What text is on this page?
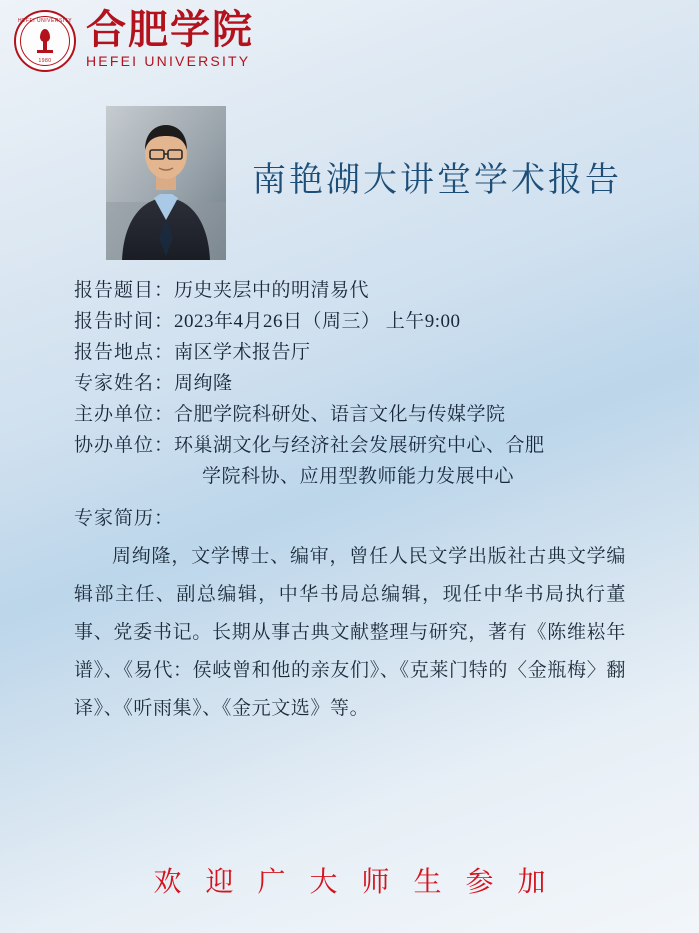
HEFEI UNIVERSITY
1980
合肥学院
HEFEI UNIVERSITY
南艳湖大讲堂学术报告
报告题目： 历史夹层中的明清易代
报告时间： 2023年4月26日（周三） 上午9:00
报告地点： 南区学术报告厅
专家姓名： 周绚隆
主办单位： 合肥学院科研处、语言文化与传媒学院
协办单位： 环巢湖文化与经济社会发展研究中心、合肥
学院科协、应用型教师能力发展中心
专家简历：
周绚隆，文学博士、编审，曾任人民文学出版社古典文学编辑部主任、副总编辑，中华书局总编辑，现任中华书局执行董事、党委书记。长期从事古典文献整理与研究，著有《陈维崧年谱》、《易代：侯岐曾和他的亲友们》、《克莱门特的〈金瓶梅〉翻译》、《听雨集》、《金元文选》等。
欢迎广大师生参加
